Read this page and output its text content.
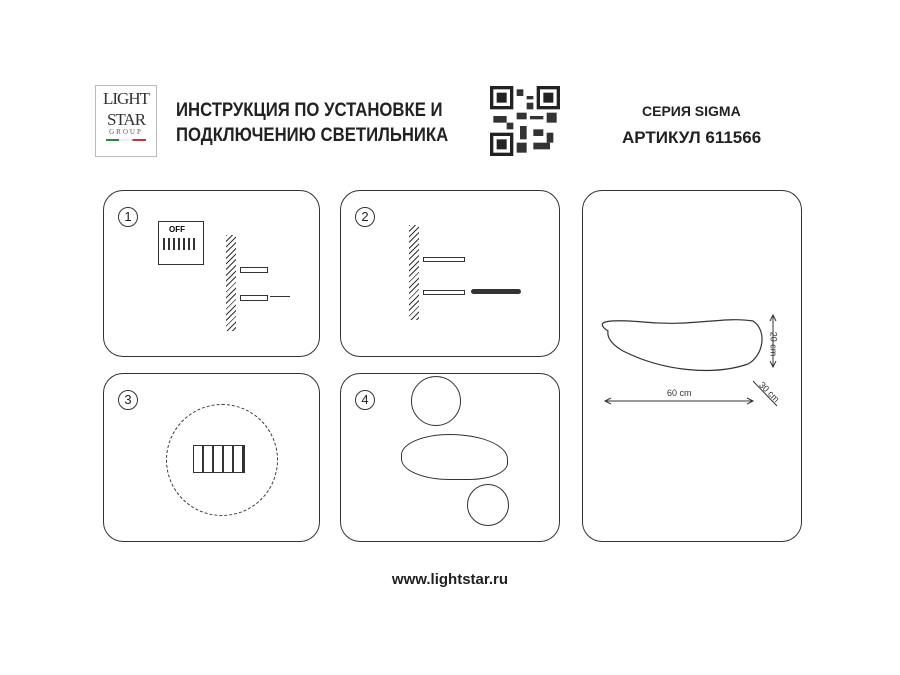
LIGHT
STAR
GROUP
ИНСТРУКЦИЯ ПО УСТАНОВКЕ И
ПОДКЛЮЧЕНИЮ СВЕТИЛЬНИКА
СЕРИЯ SIGMA
АРТИКУЛ 611566
1
OFF
2
3	4	60 cm
20 cm
30 cm
www.lightstar.ru
